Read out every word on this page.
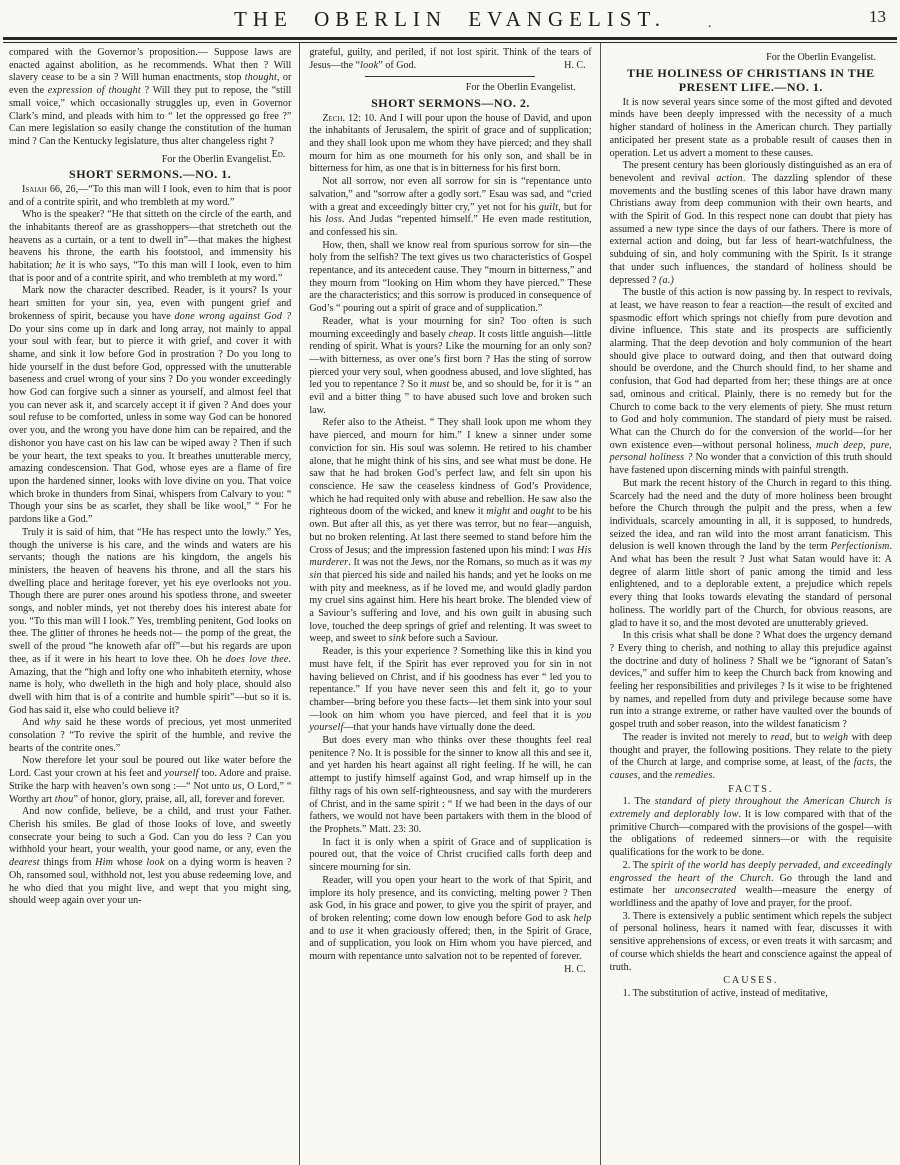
THE OBERLIN EVANGELIST.	.	13

compared with the Governor’s proposition.— Suppose laws are enacted against abolition, as he recommends. What then ? Will slavery cease to be a sin ? Will human enactments, stop thought, or even the expression of thought ? Will they put to repose, the “still small voice,” which occasionally struggles up, even in Governor Clark’s mind, and pleads with him to “ let the oppressed go free ?” Can mere legislation so easily change the constitution of the human mind ? Can the Kentucky legislature, thus alter changeless right ?
Ed.

For the Oberlin Evangelist.

SHORT SERMONS.—NO. 1.

Isaiah 66, 26,—“To this man will I look, even to him that is poor and of a contrite spirit, and who trembleth at my word.”

Who is the speaker? “He that sitteth on the circle of the earth, and the inhabitants thereof are as grasshoppers—that stretcheth out the heavens as a curtain, or a tent to dwell in”—that makes the highest heavens his throne, the earth his footstool, and immensity his habitation; he it is who says, “To this man will I look, even to him that is poor and of a contrite spirit, and who trembleth at my word.”

Mark now the character described. Reader, is it yours? Is your heart smitten for your sin, yea, even with pungent grief and brokenness of spirit, because you have done wrong against God ? Do your sins come up in dark and long array, not mainly to appal your soul with fear, but to pierce it with grief, and cover it with shame, and sink it low before God in prostration ? Do you long to hide yourself in the dust before God, oppressed with the unutterable baseness and cruel wrong of your sins ? Do you wonder exceedingly how God can forgive such a sinner as yourself, and almost feel that you can never ask it, and scarcely accept it if given ? And does your soul refuse to be comforted, unless in some way God can be honored over you, and the wrong you have done him can be repaired, and the dishonor you have cast on his law can be wiped away ? Then if such be your heart, the text speaks to you. It breathes unutterable mercy, amazing condescension. That God, whose eyes are a flame of fire upon the hardened sinner, looks with love divine on you. That voice which broke in thunders from Sinai, whispers from Calvary to you: “ Though your sins be as scarlet, they shall be like wool,” “ For he pardons like a God.”

Truly it is said of him, that “He has respect unto the lowly.” Yes, though the universe is his care, and the winds and waters are his servants; though the nations are his kingdom, the angels his ministers, the heaven of heavens his throne, and all the stars his dwelling place and heritage forever, yet his eye overlooks not you. Though there are purer ones around his spotless throne, and sweeter songs, and nobler minds, yet not thereby does his interest abate for you. “To this man will I look.” Yes, trembling penitent, God looks on thee. The glitter of thrones he heeds not— the pomp of the great, the swell of the proud “he knoweth afar off”—but his regards are upon thee, as if it were in his heart to love thee. Oh he does love thee. Amazing, that the “high and lofty one who inhabiteth eternity, whose name is holy, who dwelleth in the high and holy place, should also dwell with him that is of a contrite and humble spirit”—but so it is. God has said it, else who could believe it?

And why said he these words of precious, yet most unmerited consolation ? “To revive the spirit of the humble, and revive the hearts of the contrite ones.”

Now therefore let your soul be poured out like water before the Lord. Cast your crown at his feet and yourself too. Adore and praise. Strike the harp with heaven’s own song :—“ Not unto us, O Lord,” “ Worthy art thou” of honor, glory, praise, all, all, forever and forever.

And now confide, believe, be a child, and trust your Father. Cherish his smiles. Be glad of those looks of love, and sweetly consecrate your being to such a God. Can you do less ? Can you withhold your heart, your wealth, your good name, or any, even the dearest things from Him whose look on a dying worm is heaven ? Oh, ransomed soul, withhold not, lest you abuse redeeming love, and he who died that you might live, and wept that you might sing, should weep again over your un-

grateful, guilty, and periled, if not lost spirit. Think of the tears of Jesus—the “look” of God.	H. C.

For the Oberlin Evangelist.

SHORT SERMONS—NO. 2.

Zech. 12: 10. And I will pour upon the house of David, and upon the inhabitants of Jerusalem, the spirit of grace and of supplication; and they shall look upon me whom they have pierced; and they shall mourn for him as one mourneth for his only son, and shall be in bitterness for him, as one that is in bitterness for his first born.

Not all sorrow, nor even all sorrow for sin is “repentance unto salvation,” and “sorrow after a godly sort.” Esau was sad, and “cried with a great and exceedingly bitter cry,” yet not for his guilt, but for his loss. And Judas “repented himself.” He even made restitution, and confessed his sin.

How, then, shall we know real from spurious sorrow for sin—the holy from the selfish? The text gives us two characteristics of Gospel repentance, and its antecedent cause. They “mourn in bitterness,” and they mourn from “looking on Him whom they have pierced.” These are the characteristics; and this sorrow is produced in consequence of God’s “ pouring out a spirit of grace and of supplication.”

Reader, what is your mourning for sin? Too often is such mourning exceedingly and basely cheap. It costs little anguish—little rending of spirit. What is yours? Like the mourning for an only son?—with bitterness, as over one’s first born ? Has the sting of sorrow pierced your very soul, when goodness abused, and love slighted, has led you to repentance ? So it must be, and so should be, for it is “ an evil and a bitter thing ” to have abused such love and broken such law.

Refer also to the Atheist. “ They shall look upon me whom they have pierced, and mourn for him.” I knew a sinner under some conviction for sin. His soul was solemn. He retired to his chamber alone, that he might think of his sins, and see what must be done. He saw that he had broken God’s perfect law, and felt sin upon his conscience. He saw the ceaseless kindness of God’s Providence, which he had requited only with abuse and rebellion. He saw also the righteous doom of the wicked, and knew it might and ought to be his own. But after all this, as yet there was terror, but no fear—anguish, but no broken relenting. At last there seemed to stand before him the Cross of Jesus; and the impression fastened upon his mind: I was His murderer. It was not the Jews, nor the Romans, so much as it was my sin that pierced his side and nailed his hands; and yet he looks on me with pity and meekness, as if he loved me, and would gladly pardon my cruel sins against him. Here his heart broke. The blended view of a Saviour’s suffering and love, and his own guilt in abusing such love, touched the deep springs of grief and relenting. It was sweet to weep, and sweet to sink before such a Saviour.

Reader, is this your experience ? Something like this in kind you must have felt, if the Spirit has ever reproved you for sin in not having believed on Christ, and if his goodness has ever “ led you to repentance.” If you have never seen this and felt it, go to your chamber—bring before you these facts—let them sink into your soul—look on him whom you have pierced, and feel that it is you yourself—that your hands have virtually done the deed.

But does every man who thinks over these thoughts feel real penitence ? No. It is possible for the sinner to know all this and see it, and yet harden his heart against all right feeling. If he will, he can attempt to justify himself against God, and wrap himself up in the filthy rags of his own self-righteousness, and say with the murderers of Christ, and in the same spirit : “ If we had been in the days of our fathers, we would not have been partakers with them in the blood of the Prophets.” Matt. 23: 30.

In fact it is only when a spirit of Grace and of supplication is poured out, that the voice of Christ crucified calls forth deep and sincere mourning for sin.

Reader, will you open your heart to the work of that Spirit, and implore its holy presence, and its convicting, melting power ? Then ask God, in his grace and power, to give you the spirit of prayer, and of broken relenting; come down low enough before God to ask help and to use it when graciously offered; then, in the Spirit of Grace, and of supplication, you look on Him whom you have pierced, and mourn with repentance unto salvation not to be repented of forever.
H. C.

For the Oberlin Evangelist.

THE HOLINESS OF CHRISTIANS IN THE PRESENT LIFE.—NO. 1.

It is now several years since some of the most gifted and devoted minds have been deeply impressed with the necessity of a much higher standard of holiness in the American church. They partially anticipated her present state as a probable result of causes then in operation. Let us advert a moment to these causes.

The present century has been gloriously distinguished as an era of benevolent and revival action. The dazzling splendor of these movements and the bustling scenes of this labor have drawn many Christians away from deep communion with their own hearts, and with the Spirit of God. In this respect none can doubt that piety has assumed a new type since the days of our fathers. There is more of external action and doing, but far less of heart-watchfulness, the subduing of sin, and holy communing with the Spirit. Is it strange that under such influences, the standard of holiness should be depressed ? (a.)

The bustle of this action is now passing by. In respect to revivals, at least, we have reason to fear a reaction—the result of excited and spasmodic effort which springs not chiefly from pure devotion and divine influence. This state and its prospects are sufficiently alarming. That the deep devotion and holy communion of the heart should give place to outward doing, and then that outward doing should be overdone, and the Church should find, to her shame and confusion, that God had departed from her; these things are at once sad, ominous and critical. Plainly, there is no remedy but for the Church to come back to the very elements of piety. She must return to God and holy communion. The standard of piety must be raised. What can the Church do for the conversion of the world—for her own existence even—without personal holiness, much deep, pure, personal holiness ? No wonder that a conviction of this truth should have fastened upon discerning minds with painful strength.

But mark the recent history of the Church in regard to this thing. Scarcely had the need and the duty of more holiness been brought before the Church through the pulpit and the press, when a few individuals, scarcely amounting in all, it is supposed, to hundreds, seized the idea, and ran wild into the most arrant fanaticism. This delusion is well known through the land by the term Perfectionism. And what has been the result ? Just what Satan would have it: A degree of alarm little short of panic among the timid and less enlightened, and to a deplorable extent, a prejudice which repels every thing that looks towards elevating the standard of personal holiness. The worldly part of the Church, for obvious reasons, are glad to have it so, and the most devoted are unutterably grieved.

In this crisis what shall be done ? What does the urgency demand ? Every thing to cherish, and nothing to allay this prejudice against the doctrine and duty of holiness ? Shall we be “ignorant of Satan’s devices,” and suffer him to keep the Church back from knowing and feeling her responsibilities and privileges ? Is it wise to be frightened by names, and repelled from duty and privilege because some have run into a strange extreme, or rather have vaulted over the bounds of gospel truth and sober reason, into the wildest fanaticism ?

The reader is invited not merely to read, but to weigh with deep thought and prayer, the following positions. They relate to the piety of the Church at large, and comprise some, at least, of the facts, the causes, and the remedies.

FACTS.

1. The standard of piety throughout the American Church is extremely and deplorably low. It is low compared with that of the primitive Church—compared with the provisions of the gospel—with the obligations of redeemed sinners—or with the requisite qualifications for the work to be done.

2. The spirit of the world has deeply pervaded, and exceedingly engrossed the heart of the Church. Go through the land and estimate her unconsecrated wealth—measure the energy of worldliness and the apathy of love and prayer, for the proof.

3. There is extensively a public sentiment which repels the subject of personal holiness, hears it named with fear, discusses it with sensitive apprehensions of excess, or even treats it with sarcasm; and of course which shields the heart and conscience against the appeal of truth.

CAUSES.

1. The substitution of active, instead of meditative,
